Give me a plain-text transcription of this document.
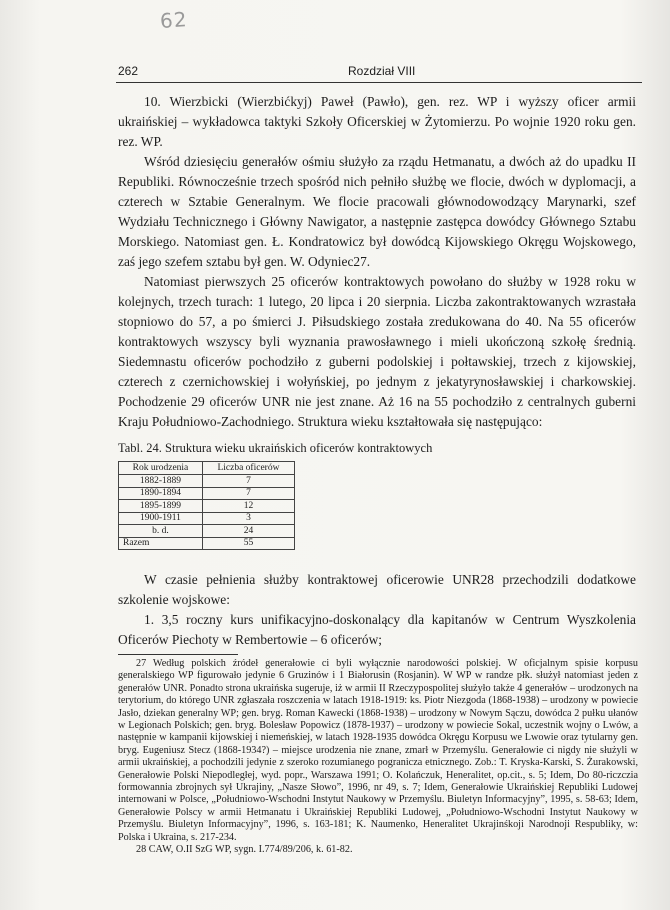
62
262	Rozdział VIII

10. Wierzbicki (Wierzbićkyj) Paweł (Pawło), gen. rez. WP i wyższy oficer armii ukraińskiej – wykładowca taktyki Szkoły Oficerskiej w Żytomierzu. Po wojnie 1920 roku gen. rez. WP.

Wśród dziesięciu generałów ośmiu służyło za rządu Hetmanatu, a dwóch aż do upadku II Republiki. Równocześnie trzech spośród nich pełniło służbę we flocie, dwóch w dyplomacji, a czterech w Sztabie Generalnym. We flocie pracowali głównodowodzący Marynarki, szef Wydziału Technicznego i Główny Nawigator, a następnie zastępca dowódcy Głównego Sztabu Morskiego. Natomiast gen. Ł. Kondratowicz był dowódcą Kijowskiego Okręgu Wojskowego, zaś jego szefem sztabu był gen. W. Odyniec27.

Natomiast pierwszych 25 oficerów kontraktowych powołano do służby w 1928 roku w kolejnych, trzech turach: 1 lutego, 20 lipca i 20 sierpnia. Liczba zakontraktowanych wzrastała stopniowo do 57, a po śmierci J. Piłsudskiego została zredukowana do 40. Na 55 oficerów kontraktowych wszyscy byli wyznania prawosławnego i mieli ukończoną szkołę średnią. Siedemnastu oficerów pochodziło z guberni podolskiej i połtawskiej, trzech z kijowskiej, czterech z czernichowskiej i wołyńskiej, po jednym z jekatyrynosławskiej i charkowskiej. Pochodzenie 29 oficerów UNR nie jest znane. Aż 16 na 55 pochodziło z centralnych guberni Kraju Południowo-Zachodniego. Struktura wieku kształtowała się następująco:

Tabl. 24. Struktura wieku ukraińskich oficerów kontraktowych
Rok urodzenia	Liczba oficerów
1882-1889	7
1890-1894	7
1895-1899	12
1900-1911	3
b. d.	24
Razem	55

W czasie pełnienia służby kontraktowej oficerowie UNR28 przechodzili dodatkowe szkolenie wojskowe:

1. 3,5 roczny kurs unifikacyjno-doskonalący dla kapitanów w Centrum Wyszkolenia Oficerów Piechoty w Rembertowie – 6 oficerów;

27 Według polskich źródeł generałowie ci byli wyłącznie narodowości polskiej. W oficjalnym spisie korpusu generalskiego WP figurowało jedynie 6 Gruzinów i 1 Białorusin (Rosjanin). W WP w randze płk. służył natomiast jeden z generałów UNR. Ponadto strona ukraińska sugeruje, iż w armii II Rzeczypospolitej służyło także 4 generałów – urodzonych na terytorium, do którego UNR zgłaszała roszczenia w latach 1918-1919: ks. Piotr Niezgoda (1868-1938) – urodzony w powiecie Jasło, dziekan generalny WP; gen. bryg. Roman Kawecki (1868-1938) – urodzony w Nowym Sączu, dowódca 2 pułku ułanów w Legionach Polskich; gen. bryg. Bolesław Popowicz (1878-1937) – urodzony w powiecie Sokal, uczestnik wojny o Lwów, a następnie w kampanii kijowskiej i niemeńskiej, w latach 1928-1935 dowódca Okręgu Korpusu we Lwowie oraz tytularny gen. bryg. Eugeniusz Stecz (1868-1934?) – miejsce urodzenia nie znane, zmarł w Przemyślu. Generałowie ci nigdy nie służyli w armii ukraińskiej, a pochodzili jedynie z szeroko rozumianego pogranicza etnicznego. Zob.: T. Kryska-Karski, S. Żurakowski, Generałowie Polski Niepodległej, wyd. popr., Warszawa 1991; O. Kolańczuk, Heneralitet, op.cit., s. 5; Idem, Do 80-riczczia formowannia zbrojnych sył Ukrajiny, „Nasze Słowo”, 1996, nr 49, s. 7; Idem, Generałowie Ukraińskiej Republiki Ludowej internowani w Polsce, „Południowo-Wschodni Instytut Naukowy w Przemyślu. Biuletyn Informacyjny”, 1995, s. 58-63; Idem, Generałowie Polscy w armii Hetmanatu i Ukraińskiej Republiki Ludowej, „Południowo-Wschodni Instytut Naukowy w Przemyślu. Biuletyn Informacyjny”, 1996, s. 163-181; K. Naumenko, Heneralitet Ukrajinśkoji Narodnoji Respubliky, w: Polska i Ukraina, s. 217-234.

28 CAW, O.II SzG WP, sygn. I.774/89/206, k. 61-82.
